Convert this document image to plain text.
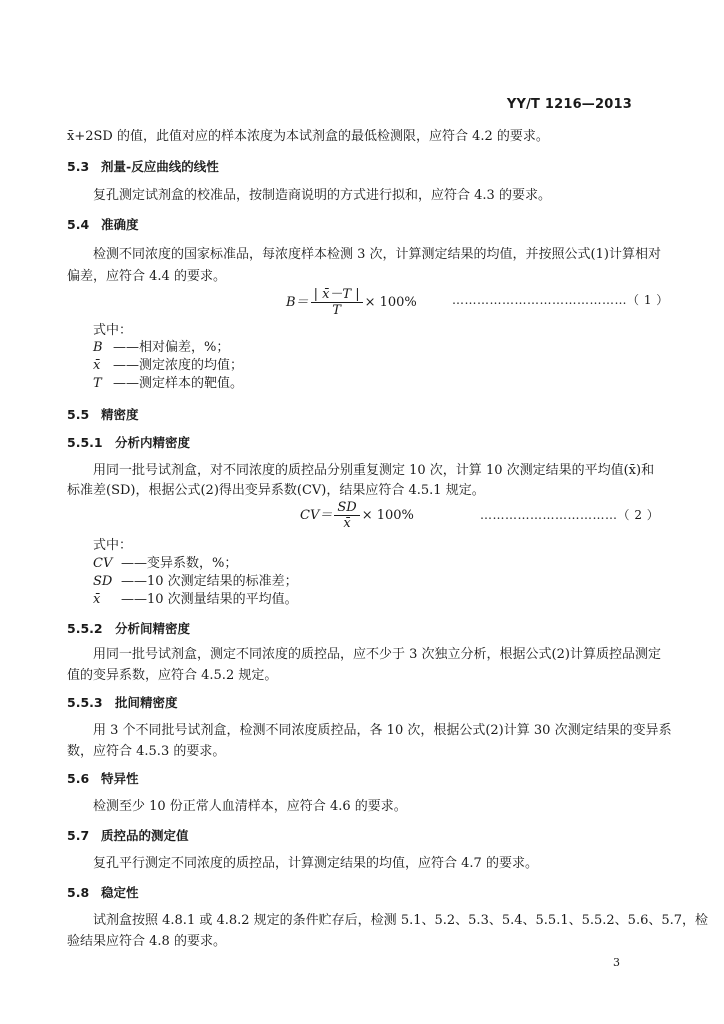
YY/T 1216—2013
x̄+2SD 的值，此值对应的样本浓度为本试剂盒的最低检测限，应符合 4.2 的要求。
5.3 剂量-反应曲线的线性
复孔测定试剂盒的校准品，按制造商说明的方式进行拟和，应符合 4.3 的要求。
5.4 准确度
检测不同浓度的国家标准品，每浓度样本检测 3 次，计算测定结果的均值，并按照公式(1)计算相对
偏差，应符合 4.4 的要求。
$B= \frac{| x̄-T |}{T} \times 100\%$	……………………………………（ 1 ）
式中：
B ——相对偏差，%；
x̄ ——测定浓度的均值；
T ——测定样本的靶值。
5.5 精密度
5.5.1 分析内精密度
用同一批号试剂盒，对不同浓度的质控品分别重复测定 10 次，计算 10 次测定结果的平均值(x̄)和
标准差(SD)，根据公式(2)得出变异系数(CV)，结果应符合 4.5.1 规定。
$CV= \frac{SD}{x̄} \times 100\%$	……………………………（ 2 ）
式中：
CV ——变异系数，%；
SD ——10 次测定结果的标准差；
x̄ ——10 次测量结果的平均值。
5.5.2 分析间精密度
用同一批号试剂盒，测定不同浓度的质控品，应不少于 3 次独立分析，根据公式(2)计算质控品测定
值的变异系数，应符合 4.5.2 规定。
5.5.3 批间精密度
用 3 个不同批号试剂盒，检测不同浓度质控品，各 10 次，根据公式(2)计算 30 次测定结果的变异系
数，应符合 4.5.3 的要求。
5.6 特异性
检测至少 10 份正常人血清样本，应符合 4.6 的要求。
5.7 质控品的测定值
复孔平行测定不同浓度的质控品，计算测定结果的均值，应符合 4.7 的要求。
5.8 稳定性
试剂盒按照 4.8.1 或 4.8.2 规定的条件贮存后，检测 5.1、5.2、5.3、5.4、5.5.1、5.5.2、5.6、5.7，检
验结果应符合 4.8 的要求。
3
